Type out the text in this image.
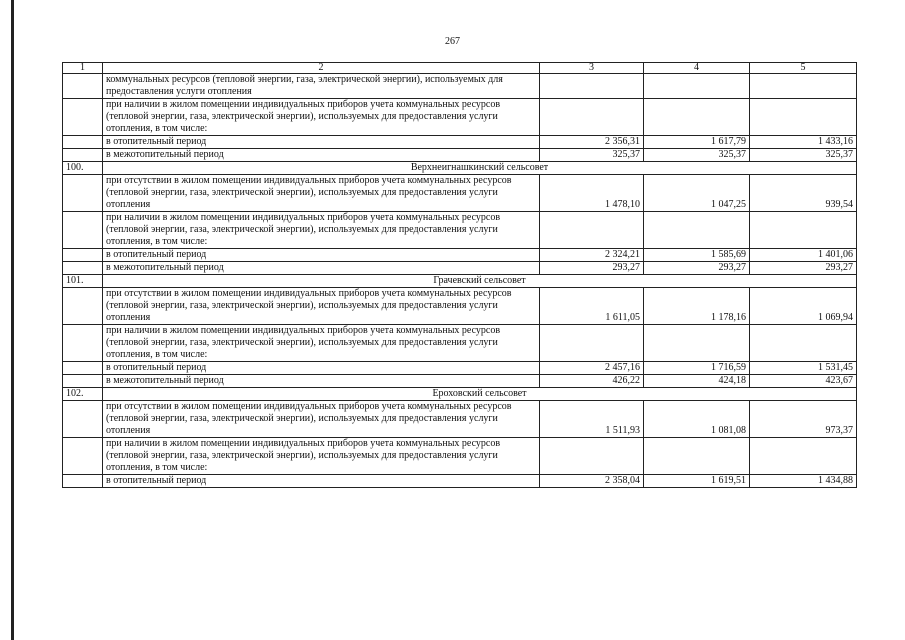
267
1	2	3	4	5
	коммунальных ресурсов (тепловой энергии, газа, электрической энергии), используемых для предоставления услуги отопления			
	при наличии в жилом помещении индивидуальных приборов учета коммунальных ресурсов (тепловой энергии, газа, электрической энергии), используемых для предоставления услуги отопления, в том числе:			
	в отопительный период	2 356,31	1 617,79	1 433,16
	в межотопительный период	325,37	325,37	325,37
100.	Верхнеигнашкинский сельсовет			
	при отсутствии в жилом помещении индивидуальных приборов учета коммунальных ресурсов (тепловой энергии, газа, электрической энергии), используемых для предоставления услуги отопления	1 478,10	1 047,25	939,54
	при наличии в жилом помещении индивидуальных приборов учета коммунальных ресурсов (тепловой энергии, газа, электрической энергии), используемых для предоставления услуги отопления, в том числе:			
	в отопительный период	2 324,21	1 585,69	1 401,06
	в межотопительный период	293,27	293,27	293,27
101.	Грачевский сельсовет			
	при отсутствии в жилом помещении индивидуальных приборов учета коммунальных ресурсов (тепловой энергии, газа, электрической энергии), используемых для предоставления услуги отопления	1 611,05	1 178,16	1 069,94
	при наличии в жилом помещении индивидуальных приборов учета коммунальных ресурсов (тепловой энергии, газа, электрической энергии), используемых для предоставления услуги отопления, в том числе:			
	в отопительный период	2 457,16	1 716,59	1 531,45
	в межотопительный период	426,22	424,18	423,67
102.	Ероховский сельсовет			
	при отсутствии в жилом помещении индивидуальных приборов учета коммунальных ресурсов (тепловой энергии, газа, электрической энергии), используемых для предоставления услуги отопления	1 511,93	1 081,08	973,37
	при наличии в жилом помещении индивидуальных приборов учета коммунальных ресурсов (тепловой энергии, газа, электрической энергии), используемых для предоставления услуги отопления, в том числе:			
	в отопительный период	2 358,04	1 619,51	1 434,88
